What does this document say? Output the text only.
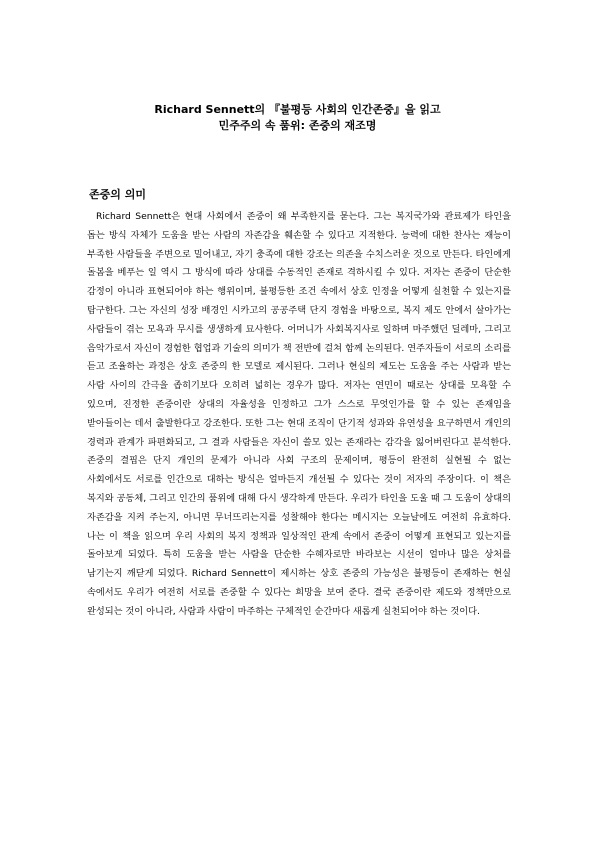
Richard Sennett의 『불평등 사회의 인간존중』을 읽고
민주주의 속 품위: 존중의 재조명
존중의 의미

Richard Sennett은 현대 사회에서 존중이 왜 부족한지를 묻는다. 그는 복지국가와 관료제가 타인을 돕는 방식 자체가 도움을 받는 사람의 자존감을 훼손할 수 있다고 지적한다. 능력에 대한 찬사는 재능이 부족한 사람들을 주변으로 밀어내고, 자기 충족에 대한 강조는 의존을 수치스러운 것으로 만든다. 타인에게 돌봄을 베푸는 일 역시 그 방식에 따라 상대를 수동적인 존재로 격하시킬 수 있다. 저자는 존중이 단순한 감정이 아니라 표현되어야 하는 행위이며, 불평등한 조건 속에서 상호 인정을 어떻게 실천할 수 있는지를 탐구한다. 그는 자신의 성장 배경인 시카고의 공공주택 단지 경험을 바탕으로, 복지 제도 안에서 살아가는 사람들이 겪는 모욕과 무시를 생생하게 묘사한다. 어머니가 사회복지사로 일하며 마주했던 딜레마, 그리고 음악가로서 자신이 경험한 협업과 기술의 의미가 책 전반에 걸쳐 함께 논의된다. 연주자들이 서로의 소리를 듣고 조율하는 과정은 상호 존중의 한 모델로 제시된다. 그러나 현실의 제도는 도움을 주는 사람과 받는 사람 사이의 간극을 좁히기보다 오히려 넓히는 경우가 많다. 저자는 연민이 때로는 상대를 모욕할 수 있으며, 진정한 존중이란 상대의 자율성을 인정하고 그가 스스로 무엇인가를 할 수 있는 존재임을 받아들이는 데서 출발한다고 강조한다. 또한 그는 현대 조직이 단기적 성과와 유연성을 요구하면서 개인의 경력과 관계가 파편화되고, 그 결과 사람들은 자신이 쓸모 있는 존재라는 감각을 잃어버린다고 분석한다. 존중의 결핍은 단지 개인의 문제가 아니라 사회 구조의 문제이며, 평등이 완전히 실현될 수 없는 사회에서도 서로를 인간으로 대하는 방식은 얼마든지 개선될 수 있다는 것이 저자의 주장이다. 이 책은 복지와 공동체, 그리고 인간의 품위에 대해 다시 생각하게 만든다. 우리가 타인을 도울 때 그 도움이 상대의 자존감을 지켜 주는지, 아니면 무너뜨리는지를 성찰해야 한다는 메시지는 오늘날에도 여전히 유효하다. 나는 이 책을 읽으며 우리 사회의 복지 정책과 일상적인 관계 속에서 존중이 어떻게 표현되고 있는지를 돌아보게 되었다. 특히 도움을 받는 사람을 단순한 수혜자로만 바라보는 시선이 얼마나 많은 상처를 남기는지 깨닫게 되었다. Richard Sennett이 제시하는 상호 존중의 가능성은 불평등이 존재하는 현실 속에서도 우리가 여전히 서로를 존중할 수 있다는 희망을 보여 준다. 결국 존중이란 제도와 정책만으로 완성되는 것이 아니라, 사람과 사람이 마주하는 구체적인 순간마다 새롭게 실천되어야 하는 것이다.
